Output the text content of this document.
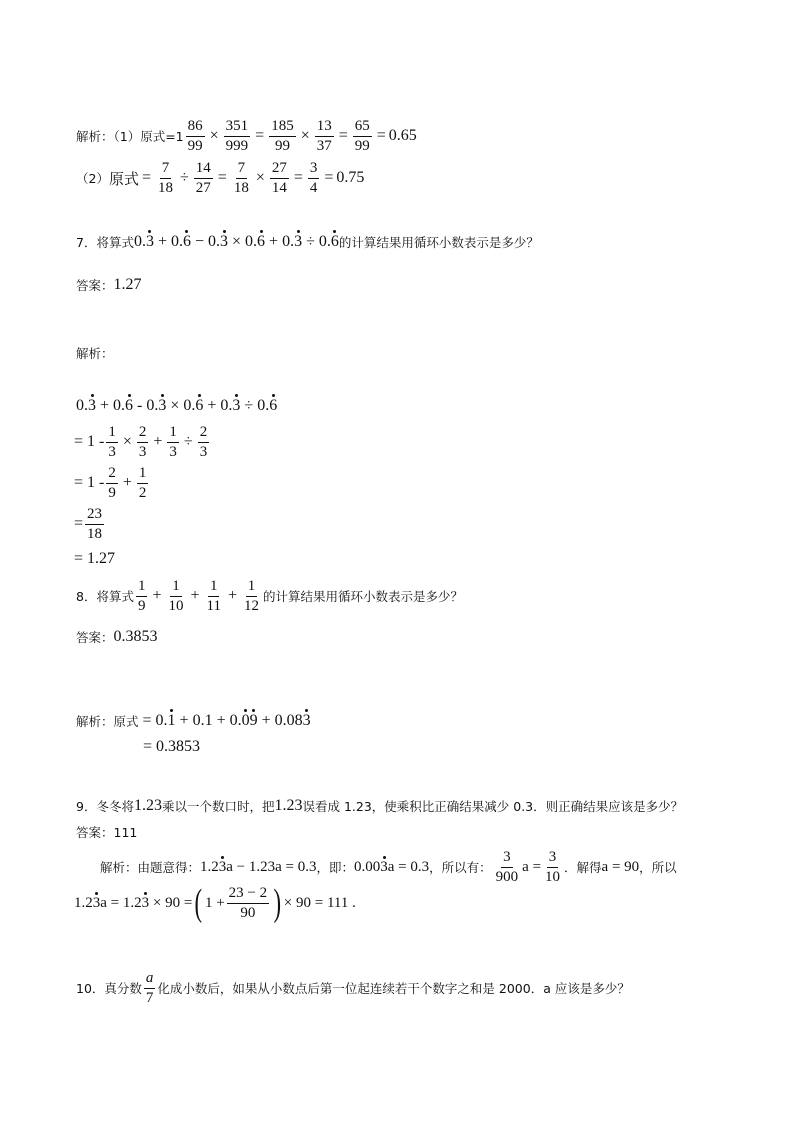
解析：（1）原式$=1 \frac{86}{99} \times \frac{351}{999} = \frac{185}{99} \times \frac{13}{37} = \frac{65}{99} = 0.65$
（2） 原式 = $\frac{7}{18} \div \frac{14}{27} = \frac{7}{18} \times \frac{27}{14} = \frac{3}{4} = 0.75$
7．将算式 0.3 + 0.6 − 0.3 × 0.6 + 0.3 ÷ 0.6 的计算结果用循环小数表示是多少？
答案： 1.27
解析：
0.3 + 0.6 - 0.3 × 0.6 + 0.3 ÷ 0.6
= $1 - \frac{1}{3} \times \frac{2}{3} + \frac{1}{3} \div \frac{2}{3}$
= $1 - \frac{2}{9} + \frac{1}{2}$
= $\frac{23}{18}$
= 1.27
8．将算式 $\frac{1}{9} + \frac{1}{10} + \frac{1}{11} + \frac{1}{12}$ 的计算结果用循环小数表示是多少？
答案： 0.3853
解析：原式 = 0.1 + 0.1 + 0.09 + 0.083
= 0.3853
9．冬冬将 1.23 乘以一个数口时，把 1.23 误看成 1.23，使乘积比正确结果减少 0.3．则正确结果应该是多少？
答案：111
解析：由题意得： 1.23a − 1.23a = 0.3 ，即： 0.003a = 0.3 ，所以有： $\frac{3}{900}$ $a = \frac{3}{10}$ ．解得 a = 90 ，所以
1.23a = 1.23 × 90 = ( $1 + \frac{23 - 2}{90}$ ) × 90 = 111 .
10．真分数 $\frac{a}{7}$ 化成小数后，如果从小数点后第一位起连续若干个数字之和是 2000．a 应该是多少？
